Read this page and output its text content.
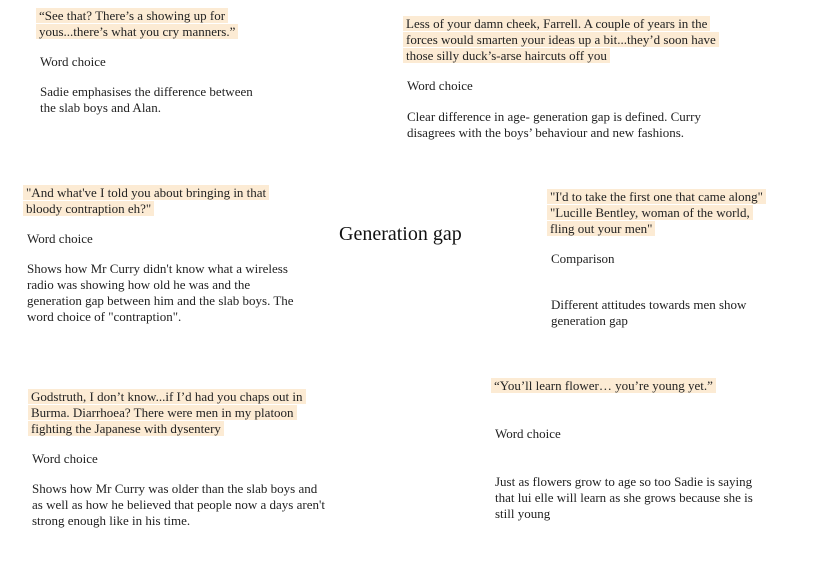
Generation gap
“See that? There’s a showing up for
yous...there’s what you cry manners.”
Word choice
Sadie emphasises the difference between
the slab boys and Alan.
Less of your damn cheek, Farrell. A couple of years in the
forces would smarten your ideas up a bit...they’d soon have
those silly duck’s-arse haircuts off you
Word choice
Clear difference in age- generation gap is defined. Curry
disagrees with the boys’ behaviour and new fashions.
"And what've I told you about bringing in that
bloody contraption eh?"
Word choice
Shows how Mr Curry didn't know what a wireless
radio was showing how old he was and the
generation gap between him and the slab boys. The
word choice of "contraption".
"I'd to take the first one that came along"
"Lucille Bentley, woman of the world,
fling out your men"
Comparison
Different attitudes towards men show
generation gap
Godstruth, I don’t know...if I’d had you chaps out in
Burma. Diarrhoea? There were men in my platoon
fighting the Japanese with dysentery
Word choice
Shows how Mr Curry was older than the slab boys and
as well as how he believed that people now a days aren't
strong enough like in his time.
“You’ll learn flower… you’re young yet.”
Word choice
Just as flowers grow to age so too Sadie is saying
that lui elle will learn as she grows because she is
still young
